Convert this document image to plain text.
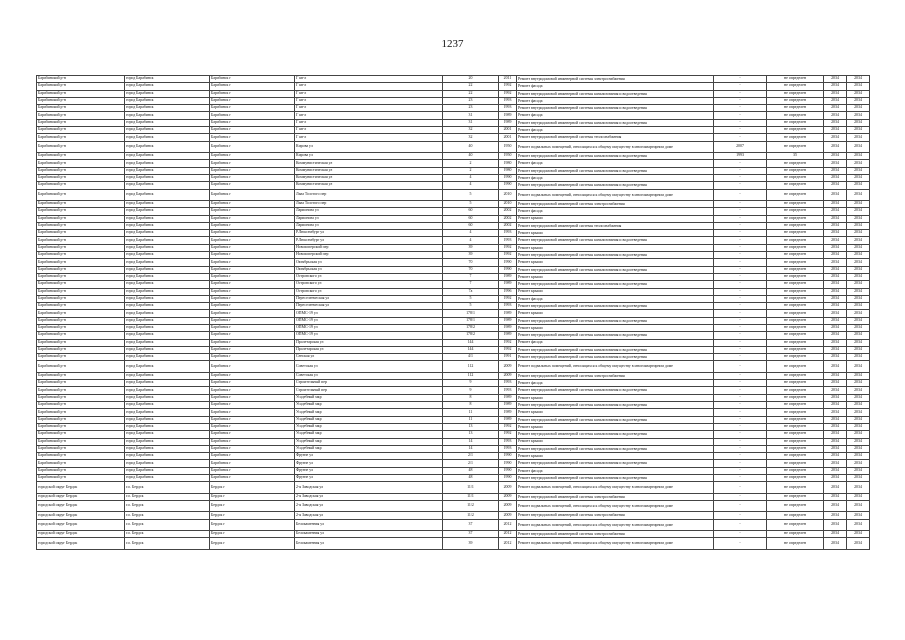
1237
Барабинский р-н	город Барабинск	Барабинск г	Г кв-л	20	2011	Ремонт внутридомовой инженерной системы электроснабжения	-	не определен	2034	2034
Барабинский р-н	город Барабинск	Барабинск г	Г кв-л	22	1992	Ремонт фасада	-	не определен	2034	2034
Барабинский р-н	город Барабинск	Барабинск г	Г кв-л	22	1992	Ремонт внутридомовой инженерной системы канализования и водоотведения	-	не определен	2034	2034
Барабинский р-н	город Барабинск	Барабинск г	Г кв-л	23	1993	Ремонт фасада	-	не определен	2034	2034
Барабинский р-н	город Барабинск	Барабинск г	Г кв-л	23	1993	Ремонт внутридомовой инженерной системы канализования и водоотведения	-	не определен	2034	2034
Барабинский р-н	город Барабинск	Барабинск г	Г кв-л	31	1989	Ремонт фасада	-	не определен	2034	2034
Барабинский р-н	город Барабинск	Барабинск г	Г кв-л	31	1989	Ремонт внутридомовой инженерной системы канализования и водоотведения	-	не определен	2034	2034
Барабинский р-н	город Барабинск	Барабинск г	Г кв-л	32	2001	Ремонт фасада	-	не определен	2034	2034
Барабинский р-н	город Барабинск	Барабинск г	Г кв-л	32	2001	Ремонт внутридомовой инженерной системы теплоснабжения	-	не определен	2034	2034
Барабинский р-н	город Барабинск	Барабинск г	Кирова ул	40	1950	Ремонт подвальных помещений, относящихся к общему имуществу в многоквартирном доме	2007	не определен	2034	2034
Барабинский р-н	город Барабинск	Барабинск г	Кирова ул	40	1950	Ремонт внутридомовой инженерной системы канализования и водоотведения	1993	35	2034	2034
Барабинский р-н	город Барабинск	Барабинск г	Коммунистическая ул	2	1980	Ремонт фасада	-	не определен	2034	2034
Барабинский р-н	город Барабинск	Барабинск г	Коммунистическая ул	2	1980	Ремонт внутридомовой инженерной системы канализования и водоотведения	-	не определен	2034	2034
Барабинский р-н	город Барабинск	Барабинск г	Коммунистическая ул	4	1990	Ремонт фасада	-	не определен	2034	2034
Барабинский р-н	город Барабинск	Барабинск г	Коммунистическая ул	4	1990	Ремонт внутридомовой инженерной системы канализования и водоотведения	-	не определен	2034	2034
Барабинский р-н	город Барабинск	Барабинск г	Льва Толстого пер	5	2010	Ремонт подвальных помещений, относящихся к общему имуществу в многоквартирном доме	-	не определен	2034	2034
Барабинский р-н	город Барабинск	Барабинск г	Льва Толстого пер	5	2010	Ремонт внутридомовой инженерной системы электроснабжения	-	не определен	2034	2034
Барабинский р-н	город Барабинск	Барабинск г	Ларионова ул	60	2002	Ремонт фасада	-	не определен	2034	2034
Барабинский р-н	город Барабинск	Барабинск г	Ларионова ул	60	2002	Ремонт крыши	-	не определен	2034	2034
Барабинский р-н	город Барабинск	Барабинск г	Ларионова ул	60	2002	Ремонт внутридомовой инженерной системы теплоснабжения	-	не определен	2034	2034
Барабинский р-н	город Барабинск	Барабинск г	Р.Люксембург ул	4	1993	Ремонт крыши	-	не определен	2034	2034
Барабинский р-н	город Барабинск	Барабинск г	Р.Люксембург ул	4	1993	Ремонт внутридомовой инженерной системы канализования и водоотведения	-	не определен	2034	2034
Барабинский р-н	город Барабинск	Барабинск г	Новохоперский пер	39	1992	Ремонт крыши	-	не определен	2034	2034
Барабинский р-н	город Барабинск	Барабинск г	Новохоперский пер	39	1992	Ремонт внутридомовой инженерной системы канализования и водоотведения	-	не определен	2034	2034
Барабинский р-н	город Барабинск	Барабинск г	Октябрьская ул	70	1990	Ремонт крыши	-	не определен	2034	2034
Барабинский р-н	город Барабинск	Барабинск г	Октябрьская ул	70	1990	Ремонт внутридомовой инженерной системы канализования и водоотведения	-	не определен	2034	2034
Барабинский р-н	город Барабинск	Барабинск г	Островского ул	7	1989	Ремонт крыши	-	не определен	2034	2034
Барабинский р-н	город Барабинск	Барабинск г	Островского ул	7	1989	Ремонт внутридомовой инженерной системы канализования и водоотведения	-	не определен	2034	2034
Барабинский р-н	город Барабинск	Барабинск г	Островского ул	7а	1996	Ремонт крыши	-	не определен	2034	2034
Барабинский р-н	город Барабинск	Барабинск г	Переселенческая ул	5	1992	Ремонт фасада	-	не определен	2034	2034
Барабинский р-н	город Барабинск	Барабинск г	Переселенческая ул	5	1993	Ремонт внутридомовой инженерной системы канализования и водоотведения	-	не определен	2034	2034
Барабинский р-н	город Барабинск	Барабинск г	ОПМС-19 ул	178/1	1989	Ремонт крыши	-	не определен	2034	2034
Барабинский р-н	город Барабинск	Барабинск г	ОПМС-19 ул	178/1	1989	Ремонт внутридомовой инженерной системы канализования и водоотведения	-	не определен	2034	2034
Барабинский р-н	город Барабинск	Барабинск г	ОПМС-19 ул	178/2	1989	Ремонт крыши	-	не определен	2034	2034
Барабинский р-н	город Барабинск	Барабинск г	ОПМС-19 ул	178/2	1989	Ремонт внутридомовой инженерной системы канализования и водоотведения	-	не определен	2034	2034
Барабинский р-н	город Барабинск	Барабинск г	Пролетарская ул	144	1992	Ремонт фасада	-	не определен	2034	2034
Барабинский р-н	город Барабинск	Барабинск г	Пролетарская ул	144	1992	Ремонт внутридомовой инженерной системы канализования и водоотведения	-	не определен	2034	2034
Барабинский р-н	город Барабинск	Барабинск г	Сенская ул	4/1	1991	Ремонт внутридомовой инженерной системы канализования и водоотведения	-	не определен	2034	2034
Барабинский р-н	город Барабинск	Барабинск г	Советская ул	112	2009	Ремонт подвальных помещений, относящихся к общему имуществу в многоквартирном доме	-	не определен	2034	2034
Барабинский р-н	город Барабинск	Барабинск г	Советская ул	112	2009	Ремонт внутридомовой инженерной системы электроснабжения	-	не определен	2034	2034
Барабинский р-н	город Барабинск	Барабинск г	Строительный пер	9	1993	Ремонт фасада	-	не определен	2034	2034
Барабинский р-н	город Барабинск	Барабинск г	Строительный пер	9	1993	Ремонт внутридомовой инженерной системы канализования и водоотведения	-	не определен	2034	2034
Барабинский р-н	город Барабинск	Барабинск г	Усадебный мкр	8	1989	Ремонт крыши	-	не определен	2034	2034
Барабинский р-н	город Барабинск	Барабинск г	Усадебный мкр	8	1989	Ремонт внутридомовой инженерной системы канализования и водоотведения	-	не определен	2034	2034
Барабинский р-н	город Барабинск	Барабинск г	Усадебный мкр	11	1989	Ремонт крыши	-	не определен	2034	2034
Барабинский р-н	город Барабинск	Барабинск г	Усадебный мкр	11	1989	Ремонт внутридомовой инженерной системы канализования и водоотведения	-	не определен	2034	2034
Барабинский р-н	город Барабинск	Барабинск г	Усадебный мкр	13	1992	Ремонт крыши	-	не определен	2034	2034
Барабинский р-н	город Барабинск	Барабинск г	Усадебный мкр	13	1992	Ремонт внутридомовой инженерной системы канализования и водоотведения	-	не определен	2034	2034
Барабинский р-н	город Барабинск	Барабинск г	Усадебный мкр	14	1993	Ремонт крыши	-	не определен	2034	2034
Барабинский р-н	город Барабинск	Барабинск г	Усадебный мкр	14	1993	Ремонт внутридомовой инженерной системы канализования и водоотведения	-	не определен	2034	2034
Барабинский р-н	город Барабинск	Барабинск г	Фрунзе ул	2/1	1990	Ремонт крыши	-	не определен	2034	2034
Барабинский р-н	город Барабинск	Барабинск г	Фрунзе ул	2/1	1990	Ремонт внутридомовой инженерной системы канализования и водоотведения	-	не определен	2034	2034
Барабинский р-н	город Барабинск	Барабинск г	Фрунзе ул	48	1990	Ремонт фасада	-	не определен	2034	2034
Барабинский р-н	город Барабинск	Барабинск г	Фрунзе ул	48	1990	Ремонт внутридомовой инженерной системы канализования и водоотведения	-	не определен	2034	2034
городской округ Бердск	г.о. Бердск	Бердск г	2-я Заводская ул	11/1	2009	Ремонт подвальных помещений, относящихся к общему имуществу в многоквартирном доме	-	не определен	2034	2034
городской округ Бердск	г.о. Бердск	Бердск г	2-я Заводская ул	11/1	2009	Ремонт внутридомовой инженерной системы электроснабжения	-	не определен	2034	2034
городской округ Бердск	г.о. Бердск	Бердск г	2-я Заводская ул	11/2	2009	Ремонт подвальных помещений, относящихся к общему имуществу в многоквартирном доме	-	не определен	2034	2034
городской округ Бердск	г.о. Бердск	Бердск г	2-я Заводская ул	11/2	2009	Ремонт внутридомовой инженерной системы электроснабжения	-	не определен	2034	2034
городской округ Бердск	г.о. Бердск	Бердск г	Белокаменная ул	37	2012	Ремонт подвальных помещений, относящихся к общему имуществу в многоквартирном доме	-	не определен	2034	2034
городской округ Бердск	г.о. Бердск	Бердск г	Белокаменная ул	37	2012	Ремонт внутридомовой инженерной системы электроснабжения	-	не определен	2034	2034
городской округ Бердск	г.о. Бердск	Бердск г	Белокаменная ул	39	2012	Ремонт подвальных помещений, относящихся к общему имуществу в многоквартирном доме	-	не определен	2034	2034
